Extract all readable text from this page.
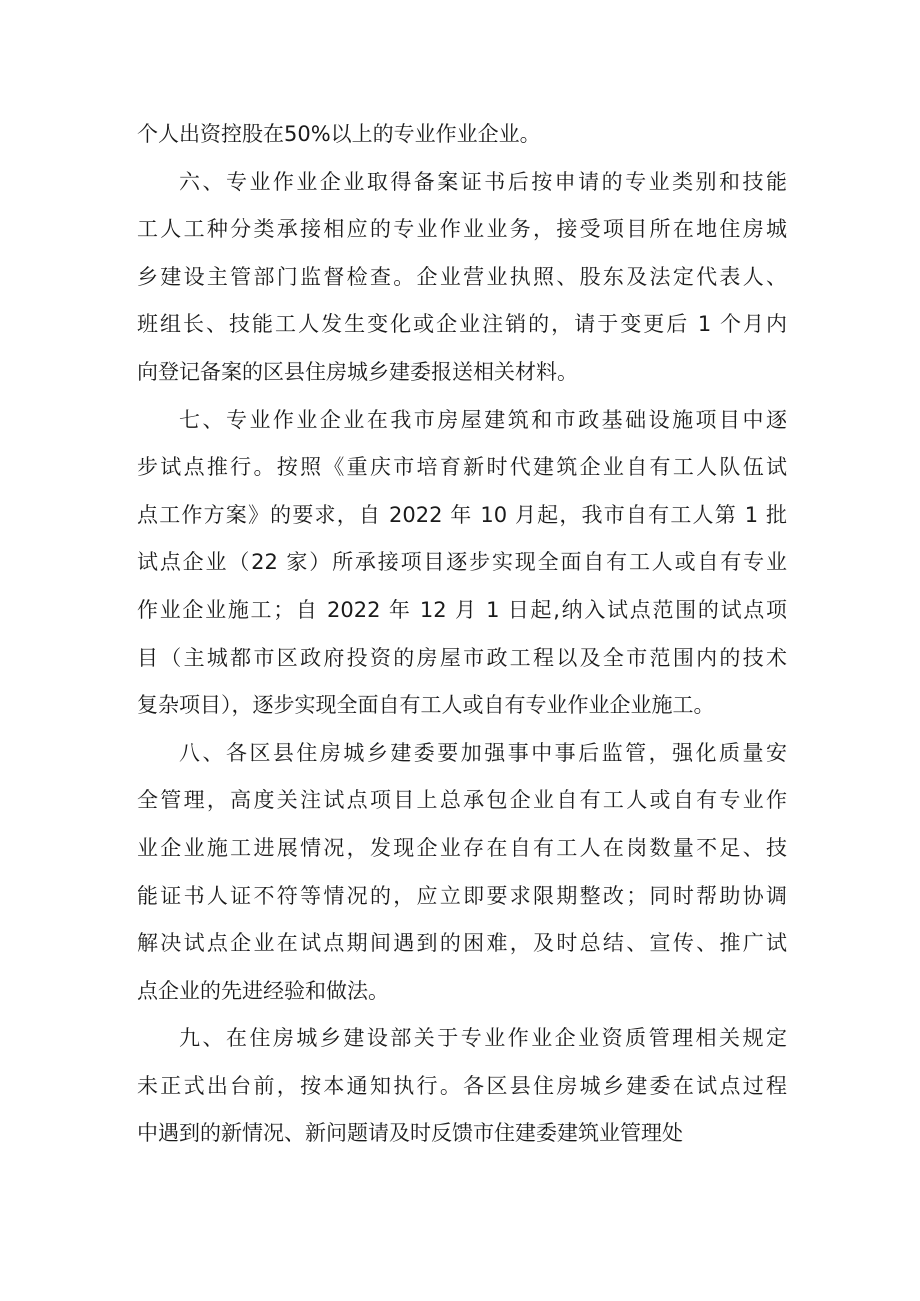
个人出资控股在50%以上的专业作业企业。
六、专业作业企业取得备案证书后按申请的专业类别和技能
工人工种分类承接相应的专业作业业务，接受项目所在地住房城
乡建设主管部门监督检查。企业营业执照、股东及法定代表人、
班组长、技能工人发生变化或企业注销的，请于变更后 1 个月内
向登记备案的区县住房城乡建委报送相关材料。
七、专业作业企业在我市房屋建筑和市政基础设施项目中逐
步试点推行。按照《重庆市培育新时代建筑企业自有工人队伍试
点工作方案》的要求，自 2022 年 10 月起，我市自有工人第 1 批
试点企业（22 家）所承接项目逐步实现全面自有工人或自有专业
作业企业施工；自 2022 年 12 月 1 日起,纳入试点范围的试点项
目（主城都市区政府投资的房屋市政工程以及全市范围内的技术
复杂项目），逐步实现全面自有工人或自有专业作业企业施工。
八、各区县住房城乡建委要加强事中事后监管，强化质量安
全管理，高度关注试点项目上总承包企业自有工人或自有专业作
业企业施工进展情况，发现企业存在自有工人在岗数量不足、技
能证书人证不符等情况的，应立即要求限期整改；同时帮助协调
解决试点企业在试点期间遇到的困难，及时总结、宣传、推广试
点企业的先进经验和做法。
九、在住房城乡建设部关于专业作业企业资质管理相关规定
未正式出台前，按本通知执行。各区县住房城乡建委在试点过程
中遇到的新情况、新问题请及时反馈市住建委建筑业管理处
